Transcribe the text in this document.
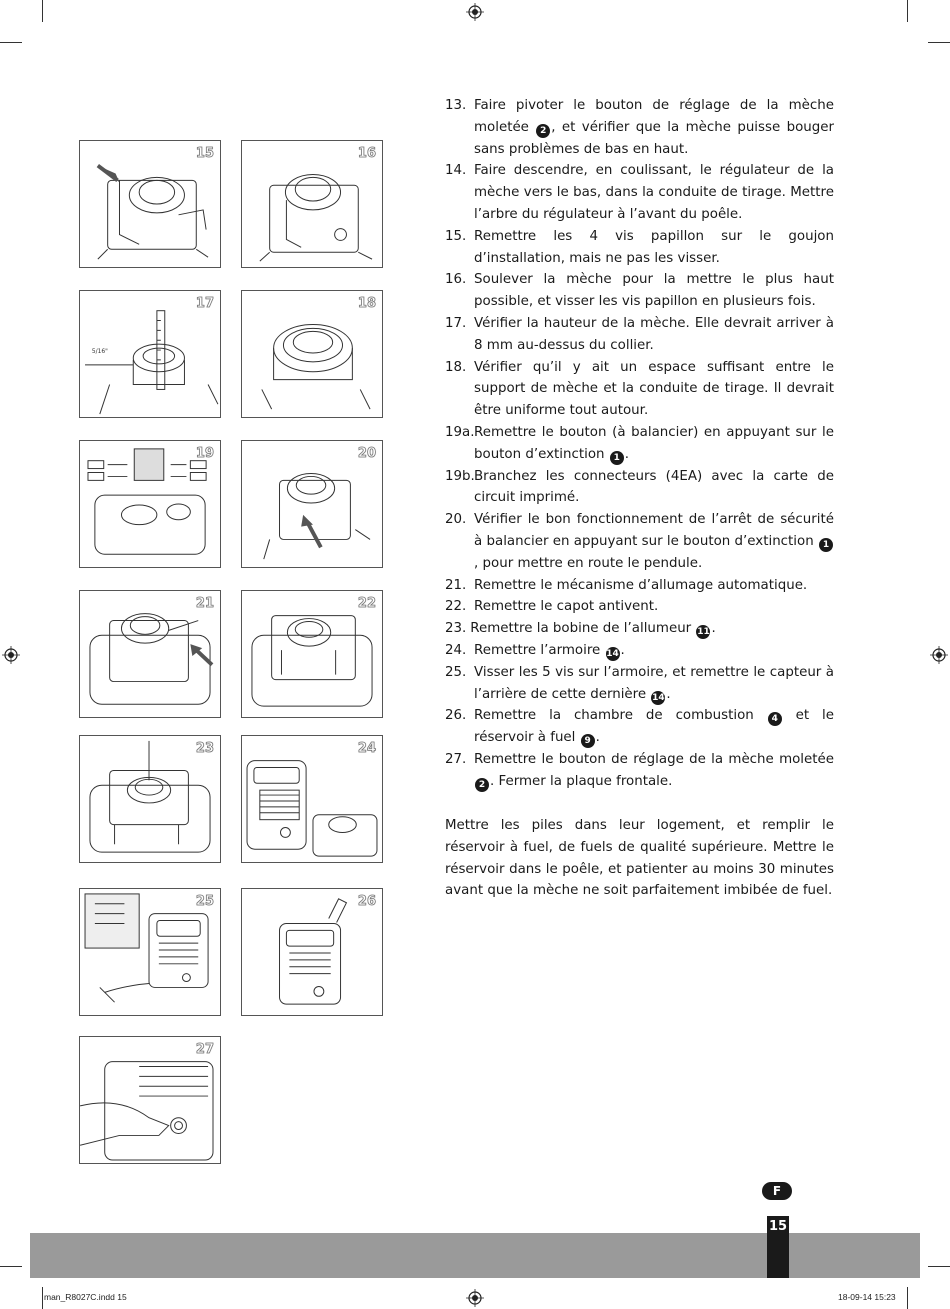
15	16
5/16"
17	18
19	20
21	22
23	24
25	26
27
13. Faire pivoter le bouton de réglage de la mèche moletée 2 , et vérifier que la mèche puisse bouger sans problèmes de bas en haut.
14. Faire descendre, en coulissant, le régulateur de la mèche vers le bas, dans la conduite de tirage. Mettre l’arbre du régulateur à l’avant du poêle.
15. Remettre les 4 vis papillon sur le goujon d’installation, mais ne pas les visser.
16. Soulever la mèche pour la mettre le plus haut possible, et visser les vis papillon en plusieurs fois.
17. Vérifier la hauteur de la mèche. Elle devrait arriver à 8 mm au-dessus du collier.
18. Vérifier qu’il y ait un espace suffisant entre le support de mèche et la conduite de tirage. Il devrait être uniforme tout autour.
19a. Remettre le bouton (à balancier) en appuyant sur le bouton d’extinction 1 .
19b. Branchez les connecteurs (4EA) avec la carte de circuit imprimé.
20. Vérifier le bon fonctionnement de l’arrêt de sécurité à balancier en appuyant sur le bouton d’extinction 1, pour mettre en route le pendule.
21. Remettre le mécanisme d’allumage automatique.
22. Remettre le capot antivent.
23. Remettre la bobine de l’allumeur 11 .
24. Remettre l’armoire 14 .
25. Visser les 5 vis sur l’armoire, et remettre le capteur à l’arrière de cette dernière 14 .
26. Remettre la chambre de combustion 4 et le réservoir à fuel 9 .
27. Remettre le bouton de réglage de la mèche moletée 2 . Fermer la plaque frontale.
Mettre les piles dans leur logement, et remplir le réservoir à fuel, de fuels de qualité supérieure. Mettre le réservoir dans le poêle, et patienter au moins 30 minutes avant que la mèche ne soit parfaitement imbibée de fuel.
F
15
man_R8027C.indd 15	18-09-14 15:23
